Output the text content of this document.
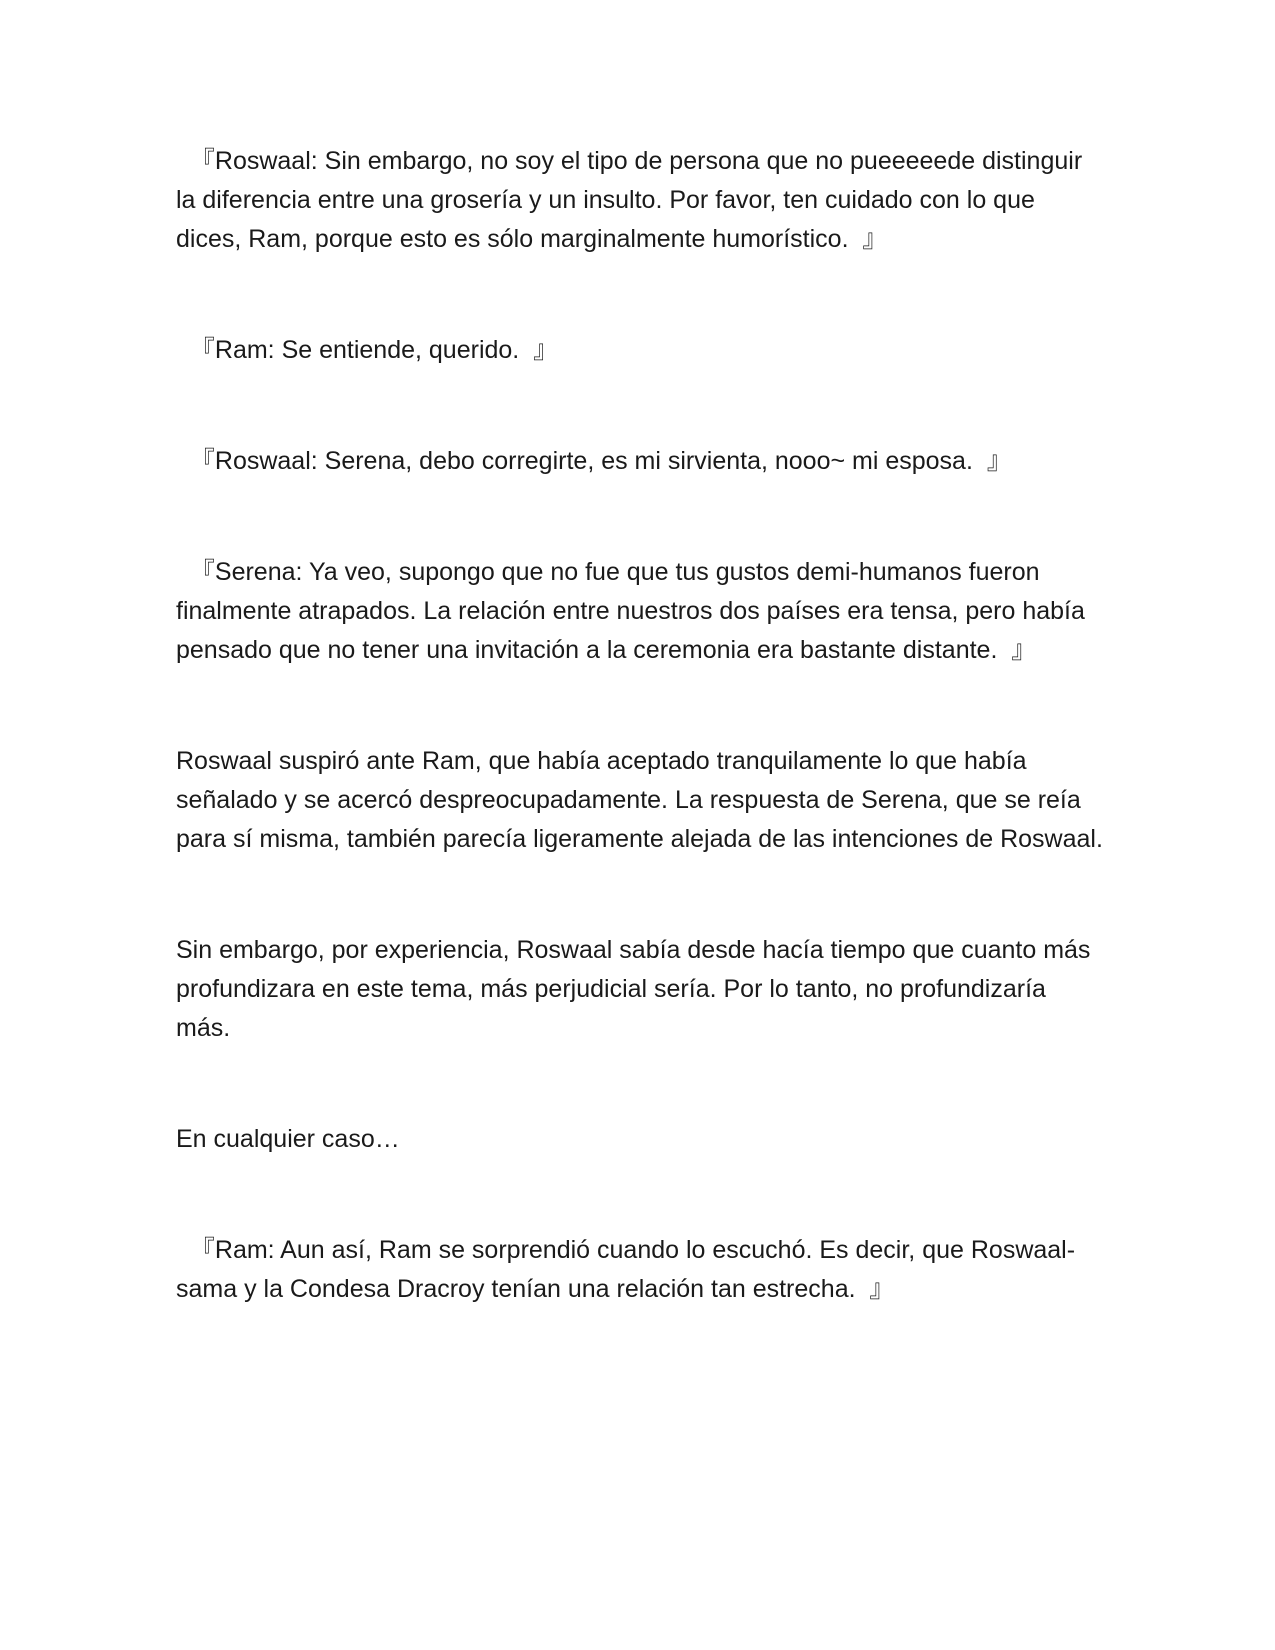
『Roswaal: Sin embargo, no soy el tipo de persona que no pueeeeede distinguir la diferencia entre una grosería y un insulto. Por favor, ten cuidado con lo que dices, Ram, porque esto es sólo marginalmente humorístico.  』

『Ram: Se entiende, querido.  』

『Roswaal: Serena, debo corregirte, es mi sirvienta, nooo~ mi esposa.  』

『Serena: Ya veo, supongo que no fue que tus gustos demi-humanos fueron finalmente atrapados. La relación entre nuestros dos países era tensa, pero había pensado que no tener una invitación a la ceremonia era bastante distante.  』

Roswaal suspiró ante Ram, que había aceptado tranquilamente lo que había señalado y se acercó despreocupadamente. La respuesta de Serena, que se reía para sí misma, también parecía ligeramente alejada de las intenciones de Roswaal.

Sin embargo, por experiencia, Roswaal sabía desde hacía tiempo que cuanto más profundizara en este tema, más perjudicial sería. Por lo tanto, no profundizaría más.

En cualquier caso…

『Ram: Aun así, Ram se sorprendió cuando lo escuchó. Es decir, que Roswaal-sama y la Condesa Dracroy tenían una relación tan estrecha.  』
